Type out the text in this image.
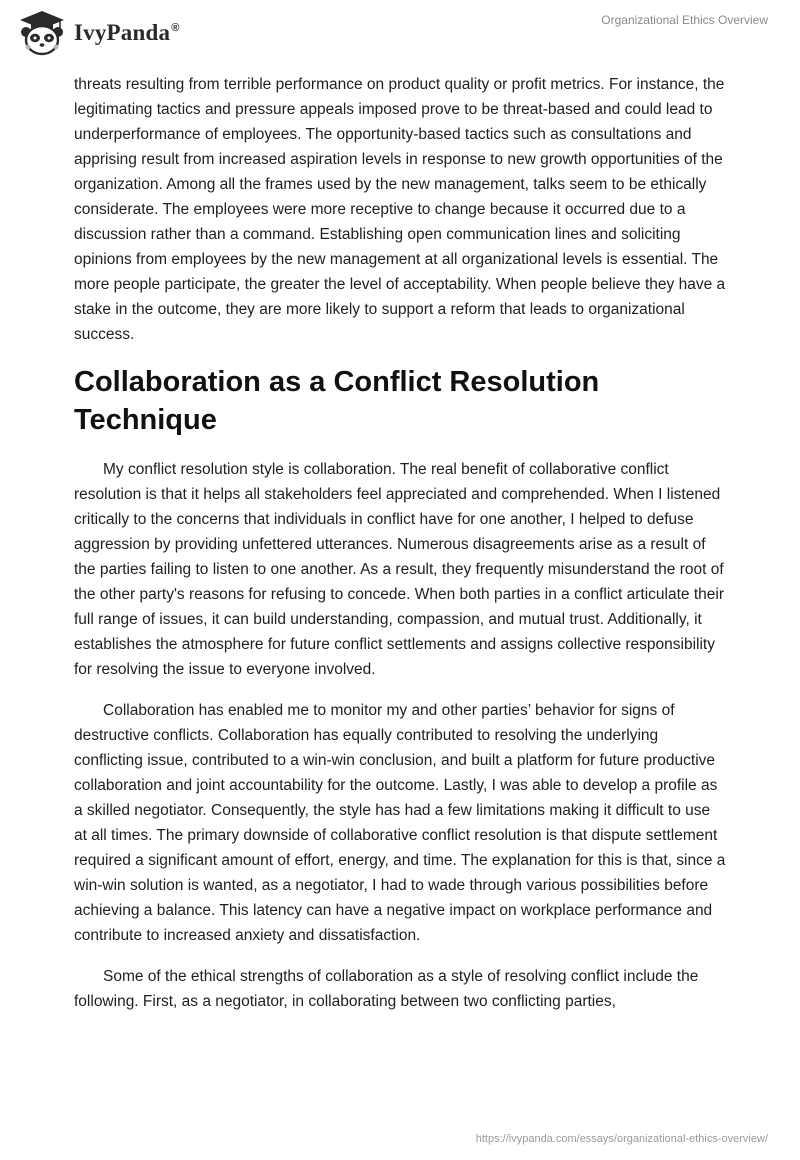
IvyPanda®
Organizational Ethics Overview

threats resulting from terrible performance on product quality or profit metrics. For instance, the legitimating tactics and pressure appeals imposed prove to be threat-based and could lead to underperformance of employees. The opportunity-based tactics such as consultations and apprising result from increased aspiration levels in response to new growth opportunities of the organization. Among all the frames used by the new management, talks seem to be ethically considerate. The employees were more receptive to change because it occurred due to a discussion rather than a command. Establishing open communication lines and soliciting opinions from employees by the new management at all organizational levels is essential. The more people participate, the greater the level of acceptability. When people believe they have a stake in the outcome, they are more likely to support a reform that leads to organizational success.

Collaboration as a Conflict Resolution Technique

My conflict resolution style is collaboration. The real benefit of collaborative conflict resolution is that it helps all stakeholders feel appreciated and comprehended. When I listened critically to the concerns that individuals in conflict have for one another, I helped to defuse aggression by providing unfettered utterances. Numerous disagreements arise as a result of the parties failing to listen to one another. As a result, they frequently misunderstand the root of the other party's reasons for refusing to concede. When both parties in a conflict articulate their full range of issues, it can build understanding, compassion, and mutual trust. Additionally, it establishes the atmosphere for future conflict settlements and assigns collective responsibility for resolving the issue to everyone involved.

Collaboration has enabled me to monitor my and other parties’ behavior for signs of destructive conflicts. Collaboration has equally contributed to resolving the underlying conflicting issue, contributed to a win-win conclusion, and built a platform for future productive collaboration and joint accountability for the outcome. Lastly, I was able to develop a profile as a skilled negotiator. Consequently, the style has had a few limitations making it difficult to use at all times. The primary downside of collaborative conflict resolution is that dispute settlement required a significant amount of effort, energy, and time. The explanation for this is that, since a win-win solution is wanted, as a negotiator, I had to wade through various possibilities before achieving a balance. This latency can have a negative impact on workplace performance and contribute to increased anxiety and dissatisfaction.

Some of the ethical strengths of collaboration as a style of resolving conflict include the following. First, as a negotiator, in collaborating between two conflicting parties,

https://ivypanda.com/essays/organizational-ethics-overview/
